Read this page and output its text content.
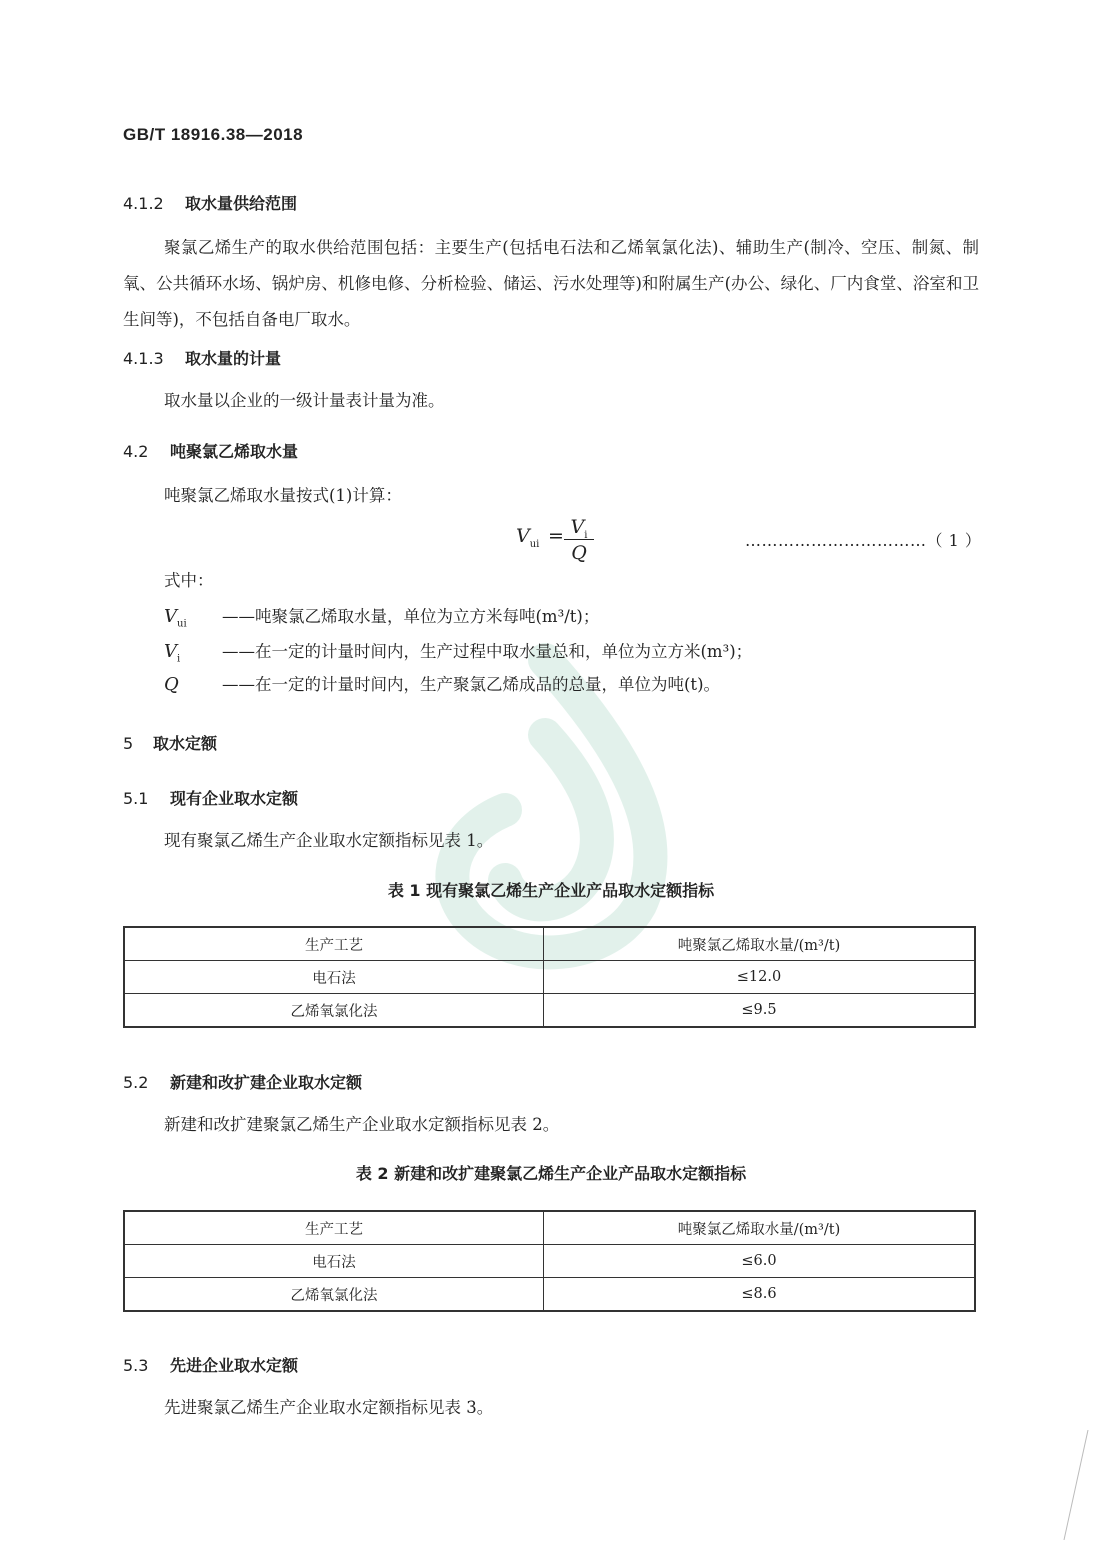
GB/T 18916.38—2018
4.1.2 取水量供给范围
聚氯乙烯生产的取水供给范围包括：主要生产(包括电石法和乙烯氧氯化法)、辅助生产(制冷、空压、制氮、制氧、公共循环水场、锅炉房、机修电修、分析检验、储运、污水处理等)和附属生产(办公、绿化、厂内食堂、浴室和卫生间等)，不包括自备电厂取水。
4.1.3 取水量的计量
取水量以企业的一级计量表计量为准。
4.2 吨聚氯乙烯取水量
吨聚氯乙烯取水量按式(1)计算：
$V_{ui} = V_i$
Q
……………………………（ 1 ）
式中：
$V_{ui}$ ——吨聚氯乙烯取水量，单位为立方米每吨(m³/t)；
$V_i$	——在一定的计量时间内，生产过程中取水量总和，单位为立方米(m³)；
Q	——在一定的计量时间内，生产聚氯乙烯成品的总量，单位为吨(t)。
5 取水定额
5.1 现有企业取水定额
现有聚氯乙烯生产企业取水定额指标见表 1。
表 1 现有聚氯乙烯生产企业产品取水定额指标
生产工艺	吨聚氯乙烯取水量/(m³/t)
电石法	≤12.0
乙烯氧氯化法	≤9.5
5.2 新建和改扩建企业取水定额
新建和改扩建聚氯乙烯生产企业取水定额指标见表 2。
表 2 新建和改扩建聚氯乙烯生产企业产品取水定额指标
生产工艺	吨聚氯乙烯取水量/(m³/t)
电石法	≤6.0
乙烯氧氯化法	≤8.6
5.3 先进企业取水定额
先进聚氯乙烯生产企业取水定额指标见表 3。
